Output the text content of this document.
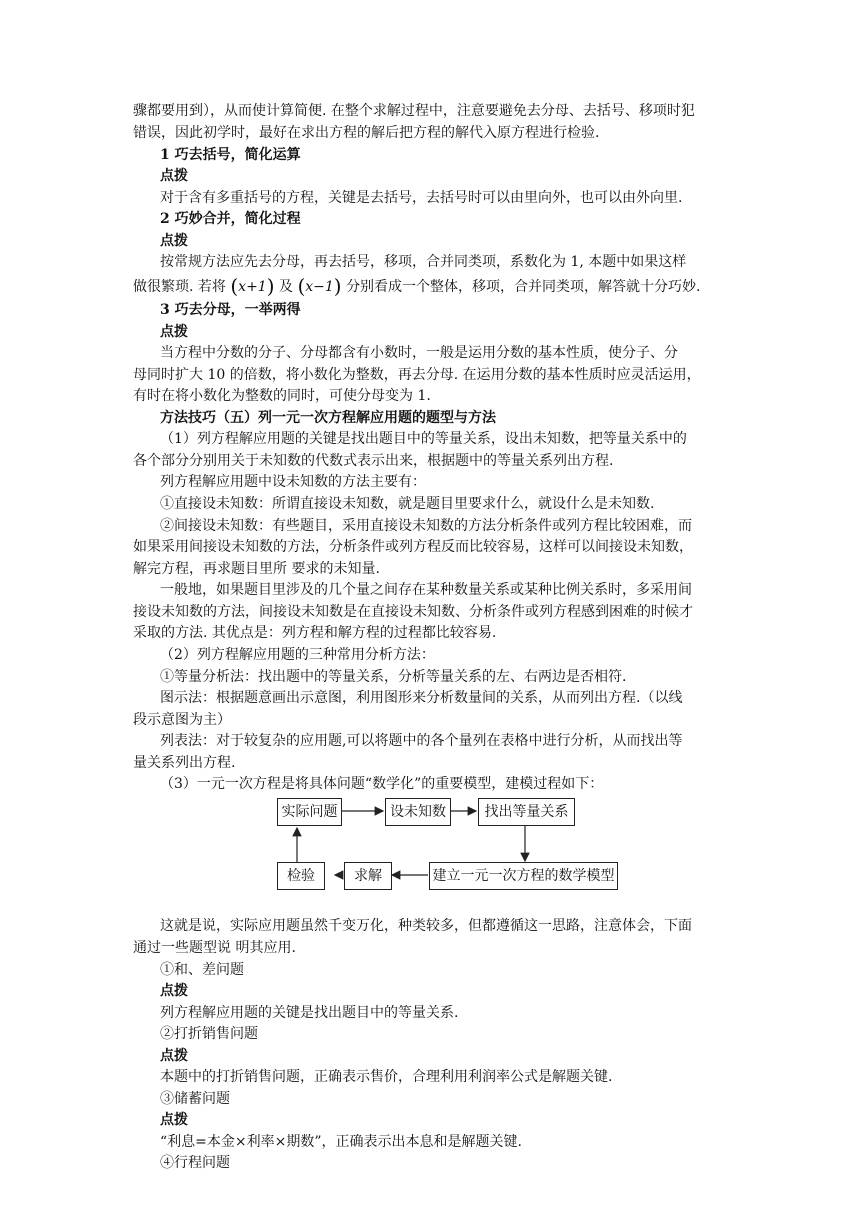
骤都要用到），从而使计算简便. 在整个求解过程中，注意要避免去分母、去括号、移项时犯
错误，因此初学时，最好在求出方程的解后把方程的解代入原方程进行检验.
1 巧去括号，简化运算
点拨
对于含有多重括号的方程，关键是去括号，去括号时可以由里向外，也可以由外向里.
2 巧妙合并，简化过程
点拨
按常规方法应先去分母，再去括号，移项，合并同类项，系数化为 1, 本题中如果这样
做很繁琐. 若将 (x+1) 及 (x−1) 分别看成一个整体，移项，合并同类项，解答就十分巧妙.
3 巧去分母，一举两得
点拨
当方程中分数的分子、分母都含有小数时，一般是运用分数的基本性质，使分子、分
母同时扩大 10 的倍数，将小数化为整数，再去分母. 在运用分数的基本性质时应灵活运用，
有时在将小数化为整数的同时，可使分母变为 1.
方法技巧（五）列一元一次方程解应用题的题型与方法
（1）列方程解应用题的关键是找出题目中的等量关系，设出未知数，把等量关系中的
各个部分分别用关于未知数的代数式表示出来，根据题中的等量关系列出方程.
列方程解应用题中设未知数的方法主要有：
①直接设未知数：所谓直接设未知数，就是题目里要求什么，就设什么是未知数.
②间接设未知数：有些题目，采用直接设未知数的方法分析条件或列方程比较困难，而
如果采用间接设未知数的方法，分析条件或列方程反而比较容易，这样可以间接设未知数，
解完方程，再求题目里所 要求的未知量.
一般地，如果题目里涉及的几个量之间存在某种数量关系或某种比例关系时，多采用间
接设未知数的方法，间接设未知数是在直接设未知数、分析条件或列方程感到困难的时候才
采取的方法. 其优点是：列方程和解方程的过程都比较容易.
（2）列方程解应用题的三种常用分析方法：
①等量分析法：找出题中的等量关系，分析等量关系的左、右两边是否相符.
图示法：根据题意画出示意图，利用图形来分析数量间的关系，从而列出方程.（以线
段示意图为主）
列表法：对于较复杂的应用题,可以将题中的各个量列在表格中进行分析，从而找出等
量关系列出方程.
（3）一元一次方程是将具体问题“数学化”的重要模型，建模过程如下：
实际问题	设未知数	找出等量关系
建立一元一次方程的数学模型
求解
检验
这就是说，实际应用题虽然千变万化，种类较多，但都遵循这一思路，注意体会，下面
通过一些题型说 明其应用.
①和、差问题
点拨
列方程解应用题的关键是找出题目中的等量关系.
②打折销售问题
点拨
本题中的打折销售问题，正确表示售价，合理利用利润率公式是解题关键.
③储蓄问题
点拨
“利息=本金×利率×期数”，正确表示出本息和是解题关键.
④行程问题
